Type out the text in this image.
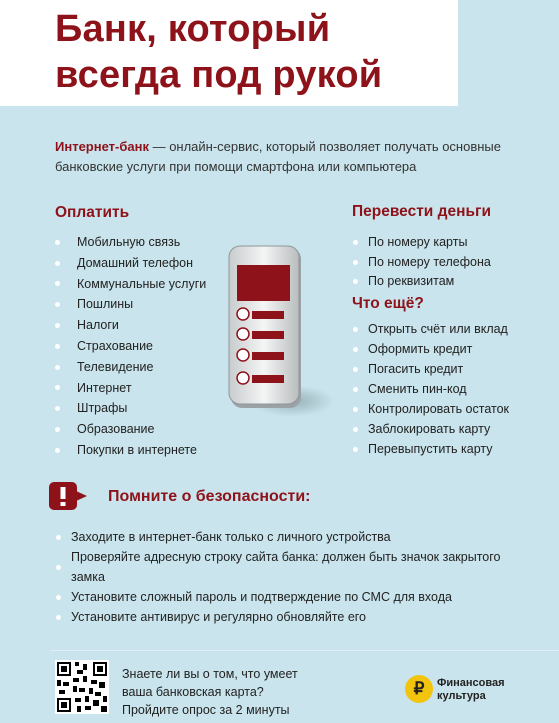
Банк, который
всегда под рукой
Интернет-банк — онлайн-сервис, который позволяет получать основные банковские услуги при помощи смартфона или компьютера
Оплатить
Мобильную связь
Домашний телефон
Коммунальные услуги
Пошлины
Налоги
Страхование
Телевидение
Интернет
Штрафы
Образование
Покупки в интернете
Перевести деньги
По номеру карты
По номеру телефона
По реквизитам
Что ещё?
Открыть счёт или вклад
Оформить кредит
Погасить кредит
Сменить пин-код
Контролировать остаток
Заблокировать карту
Перевыпустить карту
Помните о безопасности:
Заходите в интернет-банк только с личного устройства
Проверяйте адресную строку сайта банка: должен быть значок закрытого замка
Установите сложный пароль и подтверждение по СМС для входа
Установите антивирус и регулярно обновляйте его
Знаете ли вы о том, что умеет
ваша банковская карта?
Пройдите опрос за 2 минуты
₽	Финансовая
культура
